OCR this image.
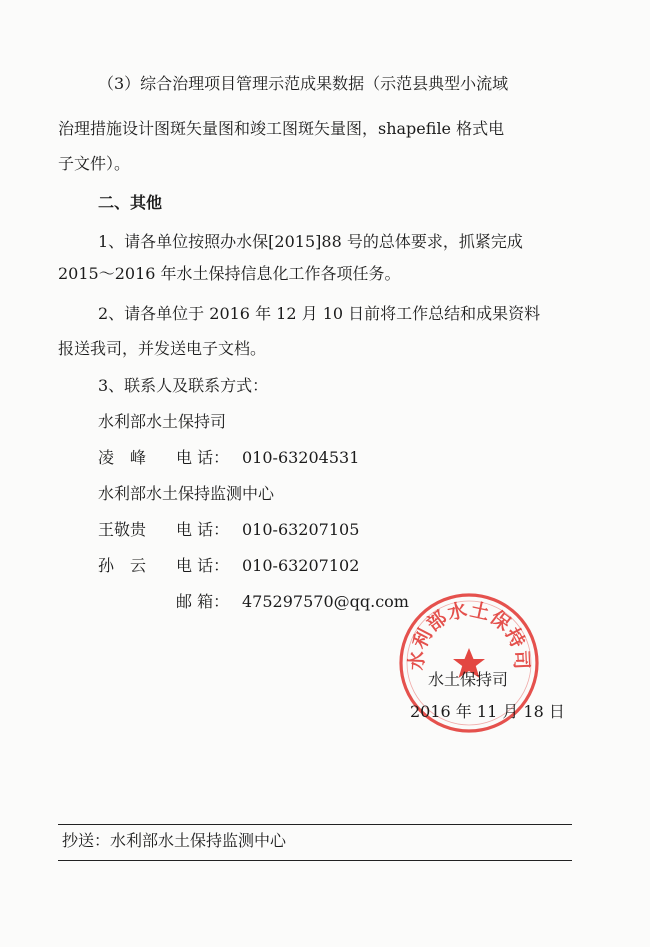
（3）综合治理项目管理示范成果数据（示范县典型小流域
治理措施设计图斑矢量图和竣工图斑矢量图，shapefile 格式电
子文件）。
二、其他
1、请各单位按照办水保[2015]88 号的总体要求，抓紧完成
2015～2016 年水土保持信息化工作各项任务。
2、请各单位于 2016 年 12 月 10 日前将工作总结和成果资料
报送我司，并发送电子文档。
3、联系人及联系方式：
水利部水土保持司
凌　峰 电 话： 010-63204531
水利部水土保持监测中心
王敬贵 电 话： 010-63207105
孙　云 电 话： 010-63207102
邮 箱： 475297570@qq.com
水利部水土保持司
水土保持司
2016 年 11 月 18 日
抄送：水利部水土保持监测中心
